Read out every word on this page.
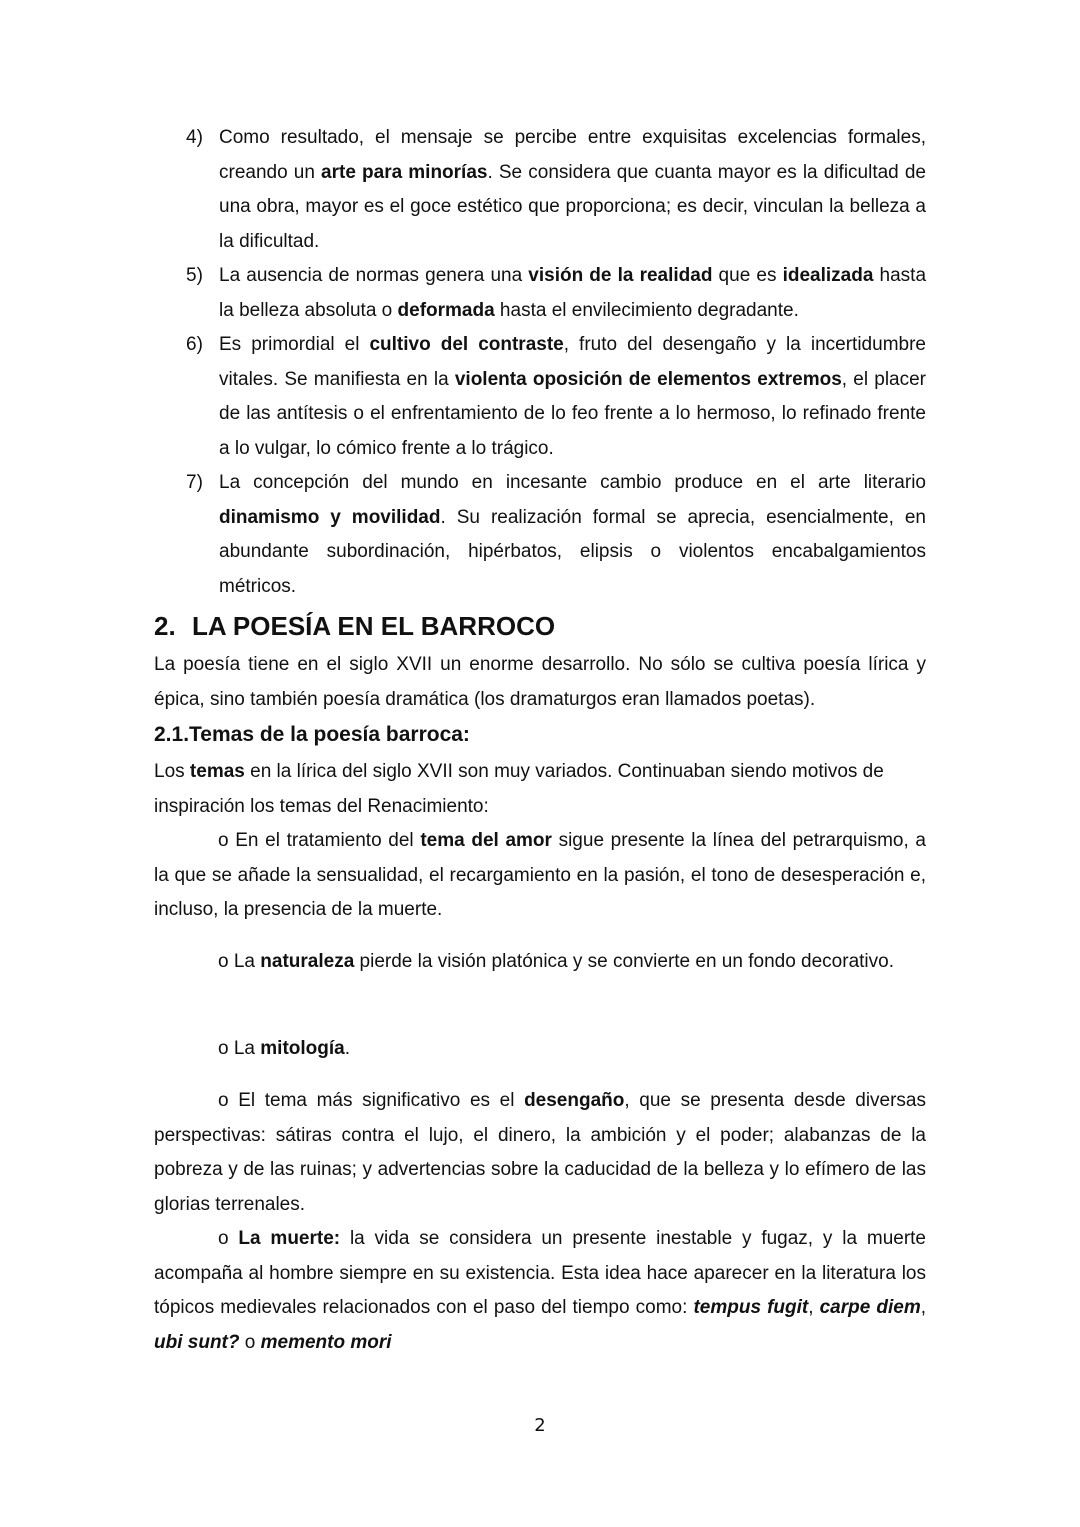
4) Como resultado, el mensaje se percibe entre exquisitas excelencias formales, creando un arte para minorías. Se considera que cuanta mayor es la dificultad de una obra, mayor es el goce estético que proporciona; es decir, vinculan la belleza a la dificultad.
5) La ausencia de normas genera una visión de la realidad que es idealizada hasta la belleza absoluta o deformada hasta el envilecimiento degradante.
6) Es primordial el cultivo del contraste, fruto del desengaño y la incertidumbre vitales. Se manifiesta en la violenta oposición de elementos extremos, el placer de las antítesis o el enfrentamiento de lo feo frente a lo hermoso, lo refinado frente a lo vulgar, lo cómico frente a lo trágico.
7) La concepción del mundo en incesante cambio produce en el arte literario dinamismo y movilidad. Su realización formal se aprecia, esencialmente, en abundante subordinación, hipérbatos, elipsis o violentos encabalgamientos métricos.
2. LA POESÍA EN EL BARROCO
La poesía tiene en el siglo XVII un enorme desarrollo. No sólo se cultiva poesía lírica y épica, sino también poesía dramática (los dramaturgos eran llamados poetas).
2.1.Temas de la poesía barroca:
Los temas en la lírica del siglo XVII son muy variados. Continuaban siendo motivos de inspiración los temas del Renacimiento:
o En el tratamiento del tema del amor sigue presente la línea del petrarquismo, a la que se añade la sensualidad, el recargamiento en la pasión, el tono de desesperación e, incluso, la presencia de la muerte.
o La naturaleza pierde la visión platónica y se convierte en un fondo decorativo.
o La mitología.
o El tema más significativo es el desengaño, que se presenta desde diversas perspectivas: sátiras contra el lujo, el dinero, la ambición y el poder; alabanzas de la pobreza y de las ruinas; y advertencias sobre la caducidad de la belleza y lo efímero de las glorias terrenales.
o La muerte: la vida se considera un presente inestable y fugaz, y la muerte acompaña al hombre siempre en su existencia. Esta idea hace aparecer en la literatura los tópicos medievales relacionados con el paso del tiempo como: tempus fugit, carpe diem, ubi sunt? o memento mori
2
